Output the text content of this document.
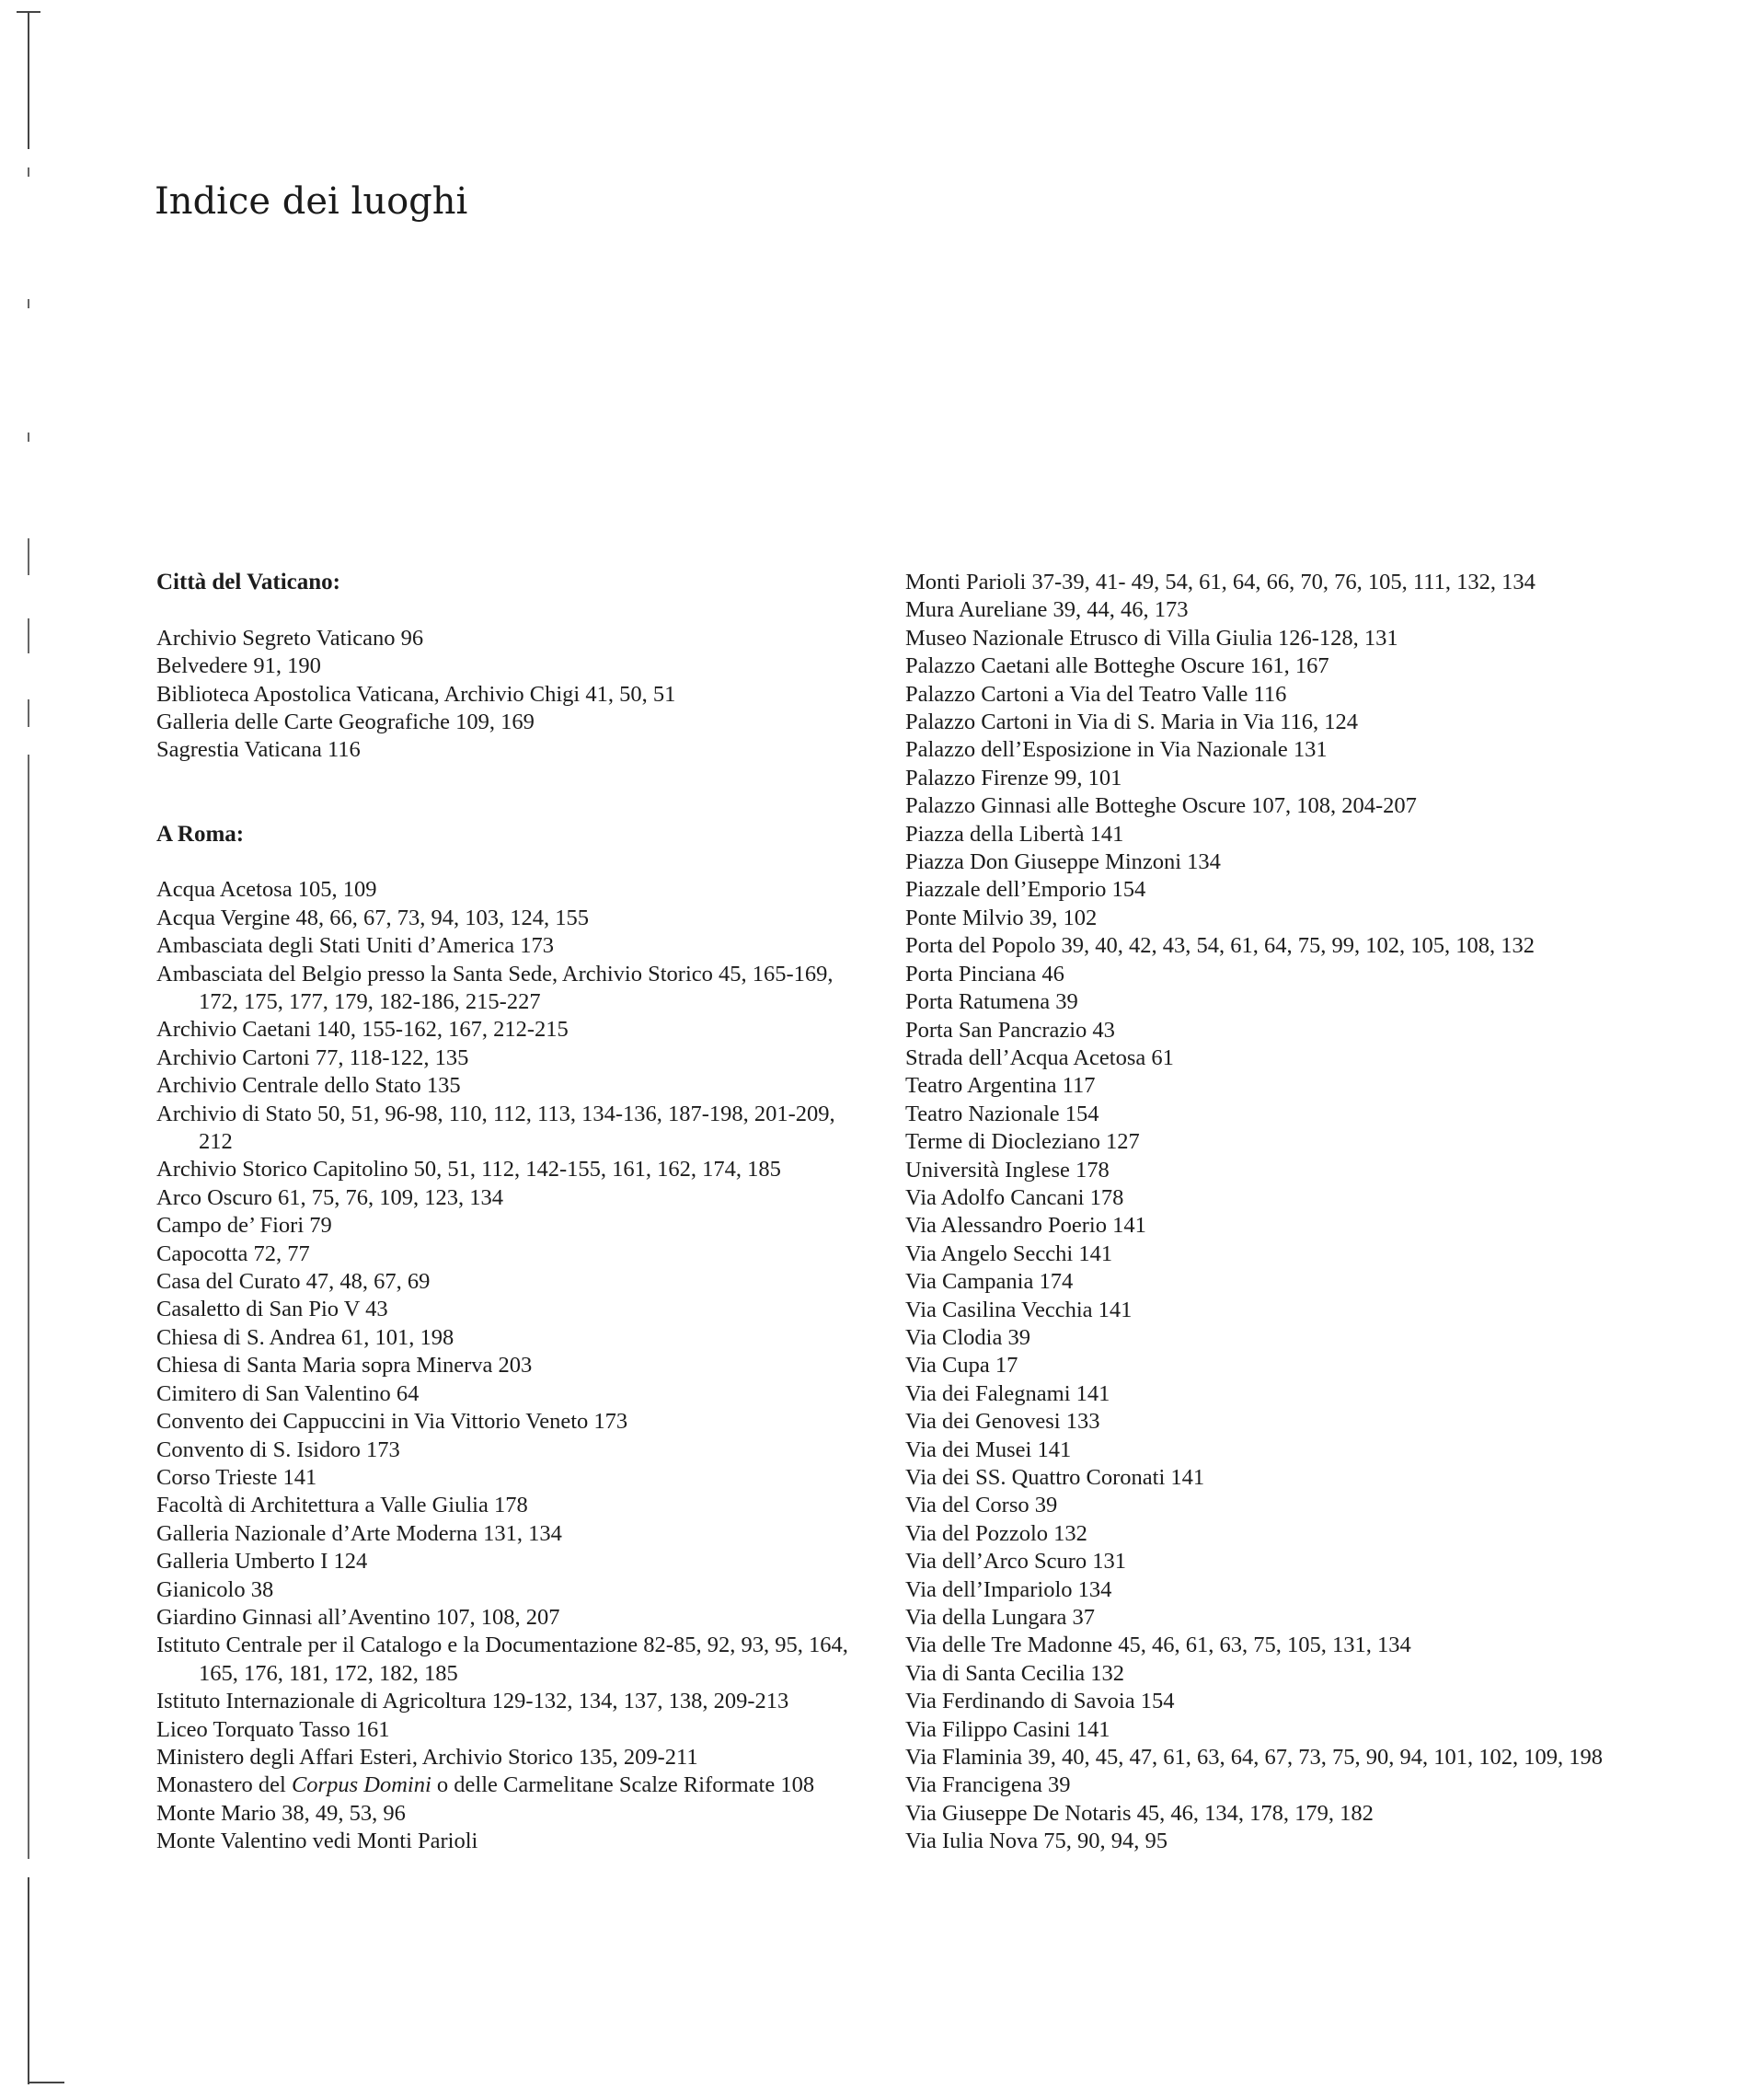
Indice dei luoghi
Città del Vaticano:
Archivio Segreto Vaticano 96
Belvedere 91, 190
Biblioteca Apostolica Vaticana, Archivio Chigi 41, 50, 51
Galleria delle Carte Geografiche 109, 169
Sagrestia Vaticana 116
A Roma:
Acqua Acetosa 105, 109
Acqua Vergine 48, 66, 67, 73, 94, 103, 124, 155
Ambasciata degli Stati Uniti d’America 173
Ambasciata del Belgio presso la Santa Sede, Archivio Storico 45, 165-169, 172, 175, 177, 179, 182-186, 215-227
Archivio Caetani 140, 155-162, 167, 212-215
Archivio Cartoni 77, 118-122, 135
Archivio Centrale dello Stato 135
Archivio di Stato 50, 51, 96-98, 110, 112, 113, 134-136, 187-198, 201-209, 212
Archivio Storico Capitolino 50, 51, 112, 142-155, 161, 162, 174, 185
Arco Oscuro 61, 75, 76, 109, 123, 134
Campo de’ Fiori 79
Capocotta 72, 77
Casa del Curato 47, 48, 67, 69
Casaletto di San Pio V 43
Chiesa di S. Andrea 61, 101, 198
Chiesa di Santa Maria sopra Minerva 203
Cimitero di San Valentino 64
Convento dei Cappuccini in Via Vittorio Veneto 173
Convento di S. Isidoro 173
Corso Trieste 141
Facoltà di Architettura a Valle Giulia 178
Galleria Nazionale d’Arte Moderna 131, 134
Galleria Umberto I 124
Gianicolo 38
Giardino Ginnasi all’Aventino 107, 108, 207
Istituto Centrale per il Catalogo e la Documentazione 82-85, 92, 93, 95, 164, 165, 176, 181, 172, 182, 185
Istituto Internazionale di Agricoltura 129-132, 134, 137, 138, 209-213
Liceo Torquato Tasso 161
Ministero degli Affari Esteri, Archivio Storico 135, 209-211
Monastero del Corpus Domini o delle Carmelitane Scalze Riformate 108
Monte Mario 38, 49, 53, 96
Monte Valentino vedi Monti Parioli
Monti Parioli 37-39, 41- 49, 54, 61, 64, 66, 70, 76, 105, 111, 132, 134
Mura Aureliane 39, 44, 46, 173
Museo Nazionale Etrusco di Villa Giulia 126-128, 131
Palazzo Caetani alle Botteghe Oscure 161, 167
Palazzo Cartoni a Via del Teatro Valle 116
Palazzo Cartoni in Via di S. Maria in Via 116, 124
Palazzo dell’Esposizione in Via Nazionale 131
Palazzo Firenze 99, 101
Palazzo Ginnasi alle Botteghe Oscure 107, 108, 204-207
Piazza della Libertà 141
Piazza Don Giuseppe Minzoni 134
Piazzale dell’Emporio 154
Ponte Milvio 39, 102
Porta del Popolo 39, 40, 42, 43, 54, 61, 64, 75, 99, 102, 105, 108, 132
Porta Pinciana 46
Porta Ratumena 39
Porta San Pancrazio 43
Strada dell’Acqua Acetosa 61
Teatro Argentina 117
Teatro Nazionale 154
Terme di Diocleziano 127
Università Inglese 178
Via Adolfo Cancani 178
Via Alessandro Poerio 141
Via Angelo Secchi 141
Via Campania 174
Via Casilina Vecchia 141
Via Clodia 39
Via Cupa 17
Via dei Falegnami 141
Via dei Genovesi 133
Via dei Musei 141
Via dei SS. Quattro Coronati 141
Via del Corso 39
Via del Pozzolo 132
Via dell’Arco Scuro 131
Via dell’Impariolo 134
Via della Lungara 37
Via delle Tre Madonne 45, 46, 61, 63, 75, 105, 131, 134
Via di Santa Cecilia 132
Via Ferdinando di Savoia 154
Via Filippo Casini 141
Via Flaminia 39, 40, 45, 47, 61, 63, 64, 67, 73, 75, 90, 94, 101, 102, 109, 198
Via Francigena 39
Via Giuseppe De Notaris 45, 46, 134, 178, 179, 182
Via Iulia Nova 75, 90, 94, 95
